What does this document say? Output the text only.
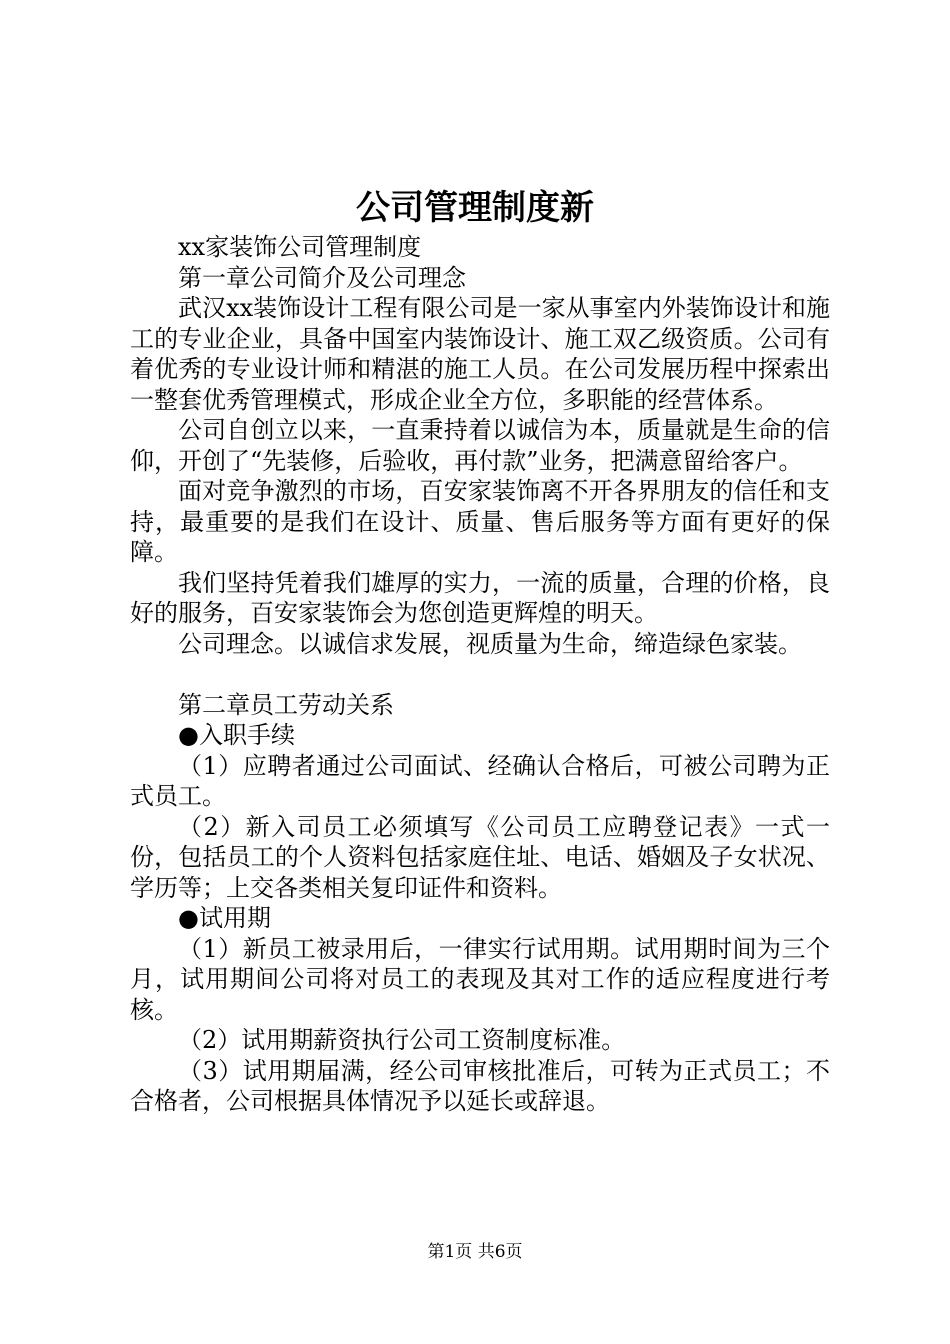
公司管理制度新

xx家装饰公司管理制度

第一章公司简介及公司理念

武汉xx装饰设计工程有限公司是一家从事室内外装饰设计和施工的专业企业，具备中国室内装饰设计、施工双乙级资质。公司有着优秀的专业设计师和精湛的施工人员。在公司发展历程中探索出一整套优秀管理模式，形成企业全方位，多职能的经营体系。

公司自创立以来，一直秉持着以诚信为本，质量就是生命的信仰，开创了“先装修，后验收，再付款”业务，把满意留给客户。

面对竞争激烈的市场，百安家装饰离不开各界朋友的信任和支持，最重要的是我们在设计、质量、售后服务等方面有更好的保障。

我们坚持凭着我们雄厚的实力，一流的质量，合理的价格，良好的服务，百安家装饰会为您创造更辉煌的明天。

公司理念。以诚信求发展，视质量为生命，缔造绿色家装。

第二章员工劳动关系

●入职手续

（1）应聘者通过公司面试、经确认合格后，可被公司聘为正式员工。

（2）新入司员工必须填写《公司员工应聘登记表》一式一份，包括员工的个人资料包括家庭住址、电话、婚姻及子女状况、学历等；上交各类相关复印证件和资料。

●试用期

（1）新员工被录用后，一律实行试用期。试用期时间为三个月，试用期间公司将对员工的表现及其对工作的适应程度进行考核。

（2）试用期薪资执行公司工资制度标准。

（3）试用期届满，经公司审核批准后，可转为正式员工；不合格者，公司根据具体情况予以延长或辞退。

第1页 共6页
